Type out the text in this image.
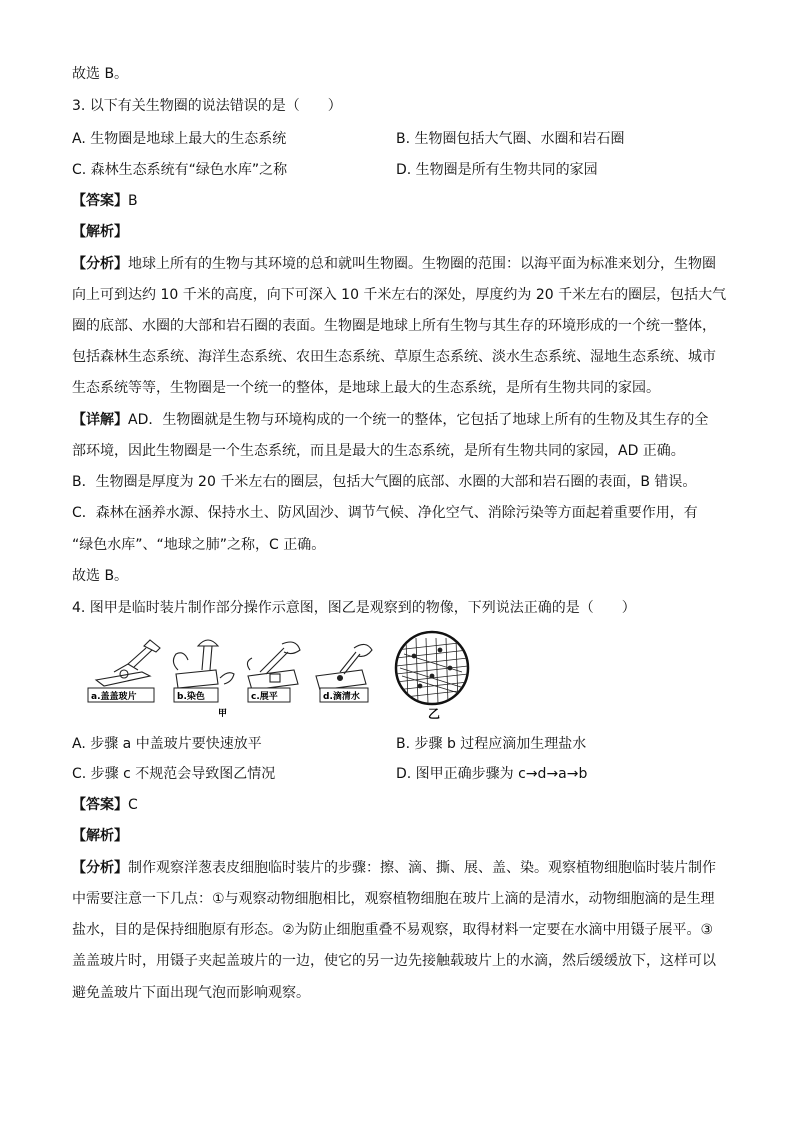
故选 B。
3. 以下有关生物圈的说法错误的是（　　）
A. 生物圈是地球上最大的生态系统	B. 生物圈包括大气圈、水圈和岩石圈
C. 森林生态系统有“绿色水库”之称	D. 生物圈是所有生物共同的家园
【答案】B
【解析】
【分析】地球上所有的生物与其环境的总和就叫生物圈。生物圈的范围：以海平面为标准来划分，生物圈
向上可到达约 10 千米的高度，向下可深入 10 千米左右的深处，厚度约为 20 千米左右的圈层，包括大气
圈的底部、水圈的大部和岩石圈的表面。生物圈是地球上所有生物与其生存的环境形成的一个统一整体，
包括森林生态系统、海洋生态系统、农田生态系统、草原生态系统、淡水生态系统、湿地生态系统、城市
生态系统等等，生物圈是一个统一的整体，是地球上最大的生态系统，是所有生物共同的家园。
【详解】AD．生物圈就是生物与环境构成的一个统一的整体，它包括了地球上所有的生物及其生存的全
部环境，因此生物圈是一个生态系统，而且是最大的生态系统，是所有生物共同的家园，AD 正确。
B．生物圈是厚度为 20 千米左右的圈层，包括大气圈的底部、水圈的大部和岩石圈的表面，B 错误。
C．森林在涵养水源、保持水土、防风固沙、调节气候、净化空气、消除污染等方面起着重要作用，有
“绿色水库”、“地球之肺”之称，C 正确。
故选 B。
4. 图甲是临时装片制作部分操作示意图，图乙是观察到的物像，下列说法正确的是（　　）
a.盖盖玻片	b.染色	c.展平	d.滴清水
甲	乙
A. 步骤 a 中盖玻片要快速放平	B. 步骤 b 过程应滴加生理盐水
C. 步骤 c 不规范会导致图乙情况	D. 图甲正确步骤为 c→d→a→b
【答案】C
【解析】
【分析】制作观察洋葱表皮细胞临时装片的步骤：擦、滴、撕、展、盖、染。观察植物细胞临时装片制作
中需要注意一下几点：①与观察动物细胞相比，观察植物细胞在玻片上滴的是清水，动物细胞滴的是生理
盐水，目的是保持细胞原有形态。②为防止细胞重叠不易观察，取得材料一定要在水滴中用镊子展平。③
盖盖玻片时，用镊子夹起盖玻片的一边，使它的另一边先接触载玻片上的水滴，然后缓缓放下，这样可以
避免盖玻片下面出现气泡而影响观察。
